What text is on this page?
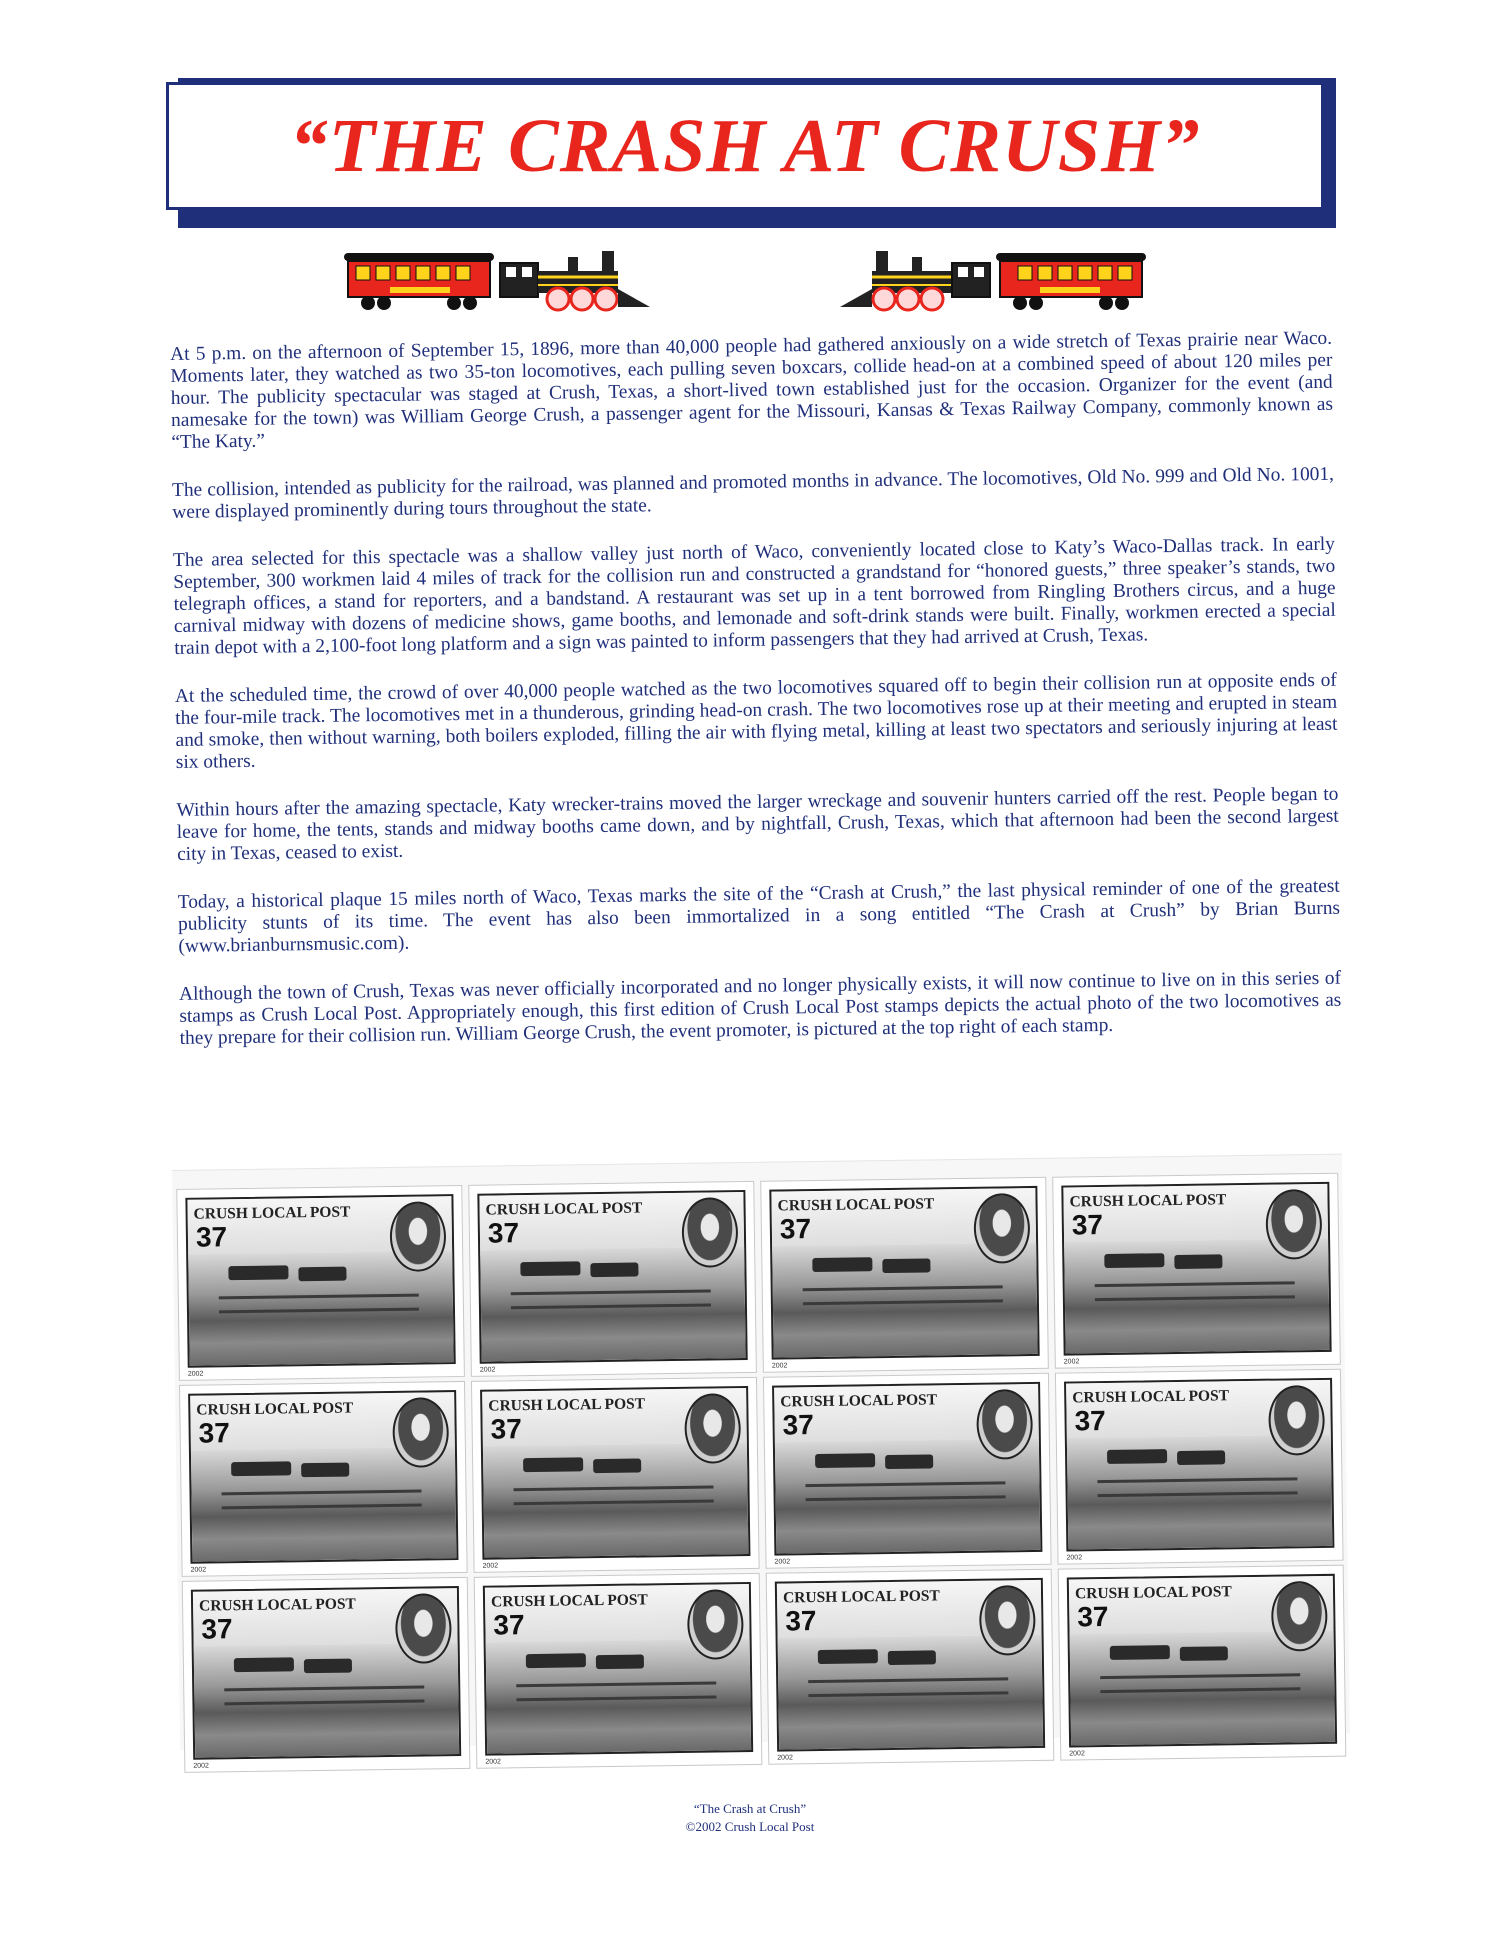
“THE CRASH AT CRUSH”

At 5 p.m. on the afternoon of September 15, 1896, more than 40,000 people had gathered anxiously on a wide stretch of Texas prairie near Waco. Moments later, they watched as two 35-ton locomotives, each pulling seven boxcars, collide head-on at a combined speed of about 120 miles per hour. The publicity spectacular was staged at Crush, Texas, a short-lived town established just for the occasion. Organizer for the event (and namesake for the town) was William George Crush, a passenger agent for the Missouri, Kansas & Texas Railway Company, commonly known as “The Katy.”

The collision, intended as publicity for the railroad, was planned and promoted months in advance. The locomotives, Old No. 999 and Old No. 1001, were displayed prominently during tours throughout the state.

The area selected for this spectacle was a shallow valley just north of Waco, conveniently located close to Katy’s Waco-Dallas track. In early September, 300 workmen laid 4 miles of track for the collision run and constructed a grandstand for “honored guests,” three speaker’s stands, two telegraph offices, a stand for reporters, and a bandstand. A restaurant was set up in a tent borrowed from Ringling Brothers circus, and a huge carnival midway with dozens of medicine shows, game booths, and lemonade and soft-drink stands were built. Finally, workmen erected a special train depot with a 2,100-foot long platform and a sign was painted to inform passengers that they had arrived at Crush, Texas.

At the scheduled time, the crowd of over 40,000 people watched as the two locomotives squared off to begin their collision run at opposite ends of the four-mile track. The locomotives met in a thunderous, grinding head-on crash. The two locomotives rose up at their meeting and erupted in steam and smoke, then without warning, both boilers exploded, filling the air with flying metal, killing at least two spectators and seriously injuring at least six others.

Within hours after the amazing spectacle, Katy wrecker-trains moved the larger wreckage and souvenir hunters carried off the rest. People began to leave for home, the tents, stands and midway booths came down, and by nightfall, Crush, Texas, which that afternoon had been the second largest city in Texas, ceased to exist.

Today, a historical plaque 15 miles north of Waco, Texas marks the site of the “Crash at Crush,” the last physical reminder of one of the greatest publicity stunts of its time. The event has also been immortalized in a song entitled “The Crash at Crush” by Brian Burns (www.brianburnsmusic.com).

Although the town of Crush, Texas was never officially incorporated and no longer physically exists, it will now continue to live on in this series of stamps as Crush Local Post. Appropriately enough, this first edition of Crush Local Post stamps depicts the actual photo of the two locomotives as they prepare for their collision run. William George Crush, the event promoter, is pictured at the top right of each stamp.

CRUSH LOCAL POST
37
2002
CRUSH LOCAL POST
37
2002
CRUSH LOCAL POST
37
2002
CRUSH LOCAL POST
37
2002
CRUSH LOCAL POST
37
2002
CRUSH LOCAL POST
37
2002
CRUSH LOCAL POST
37
2002
CRUSH LOCAL POST
37
2002
CRUSH LOCAL POST
37
2002
CRUSH LOCAL POST
37
2002
CRUSH LOCAL POST
37
2002
CRUSH LOCAL POST
37
2002
“The Crash at Crush”
©2002 Crush Local Post
